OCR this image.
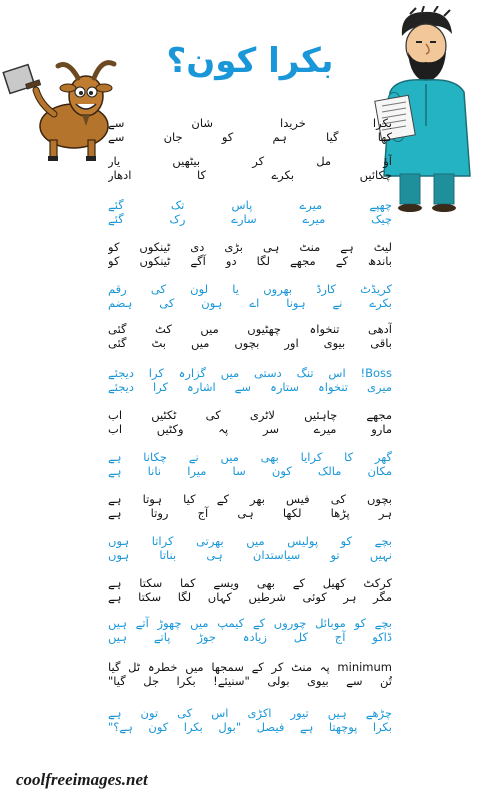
بکرا کون؟
بکرا خریدا شان سے
کھا گیا ہم کو جان سے
آؤ مل کر بیٹھیں یار
چکائیں بکرے کا ادھار
چھپے میرے پاس تک گئے
چیک میرے سارے رک گئے
لیٹ ہے منٹ ہی بڑی دی ٹینکوں کو
باندھ کے مجھے لگا دو آگے ٹینکوں کو
کریڈٹ کارڈ بھروں یا لون کی رقم
بکرے نے ہونا اے ہون کی ہضم
آدھی تنخواہ چھٹیوں میں کٹ گئی
باقی بیوی اور بچوں میں بٹ گئی
Boss! اس تنگ دستی میں گزارہ کرا دیجئے
میری تنخواہ ستارہ سے اشارہ کرا دیجئے
مجھے چاہئیں لاٹری کی ٹکٹیں اب
مارو میرے سر پہ وکٹیں اب
گھر کا کرایا بھی میں نے چکانا ہے
مکان مالک کون سا میرا نانا ہے
بچوں کی فیس بھر کے کیا ہوتا ہے
ہر پڑھا لکھا ہی آج روتا ہے
بچے کو پولیس میں بھرتی کراتا ہوں
نہیں تو سیاستدان ہی بناتا ہوں
کرکٹ کھیل کے بھی ویسے کما سکتا ہے
مگر ہر کوئی شرطیں کہاں لگا سکتا ہے
بچے کو موبائل چوروں کے کیمپ میں چھوڑ آتے ہیں
ڈاکو آج کل زیادہ جوڑ پاتے ہیں
minimum پہ منٹ کر کے سمجھا میں خطرہ ٹل گیا
تُن سے بیوی بولی "سنیئے! بکرا جل گیا"
چڑھے ہیں تیور اکڑی اس کی تون ہے
بکرا پوچھتا ہے فیصل "بول بکرا کون ہے؟"
coolfreeimages.net
